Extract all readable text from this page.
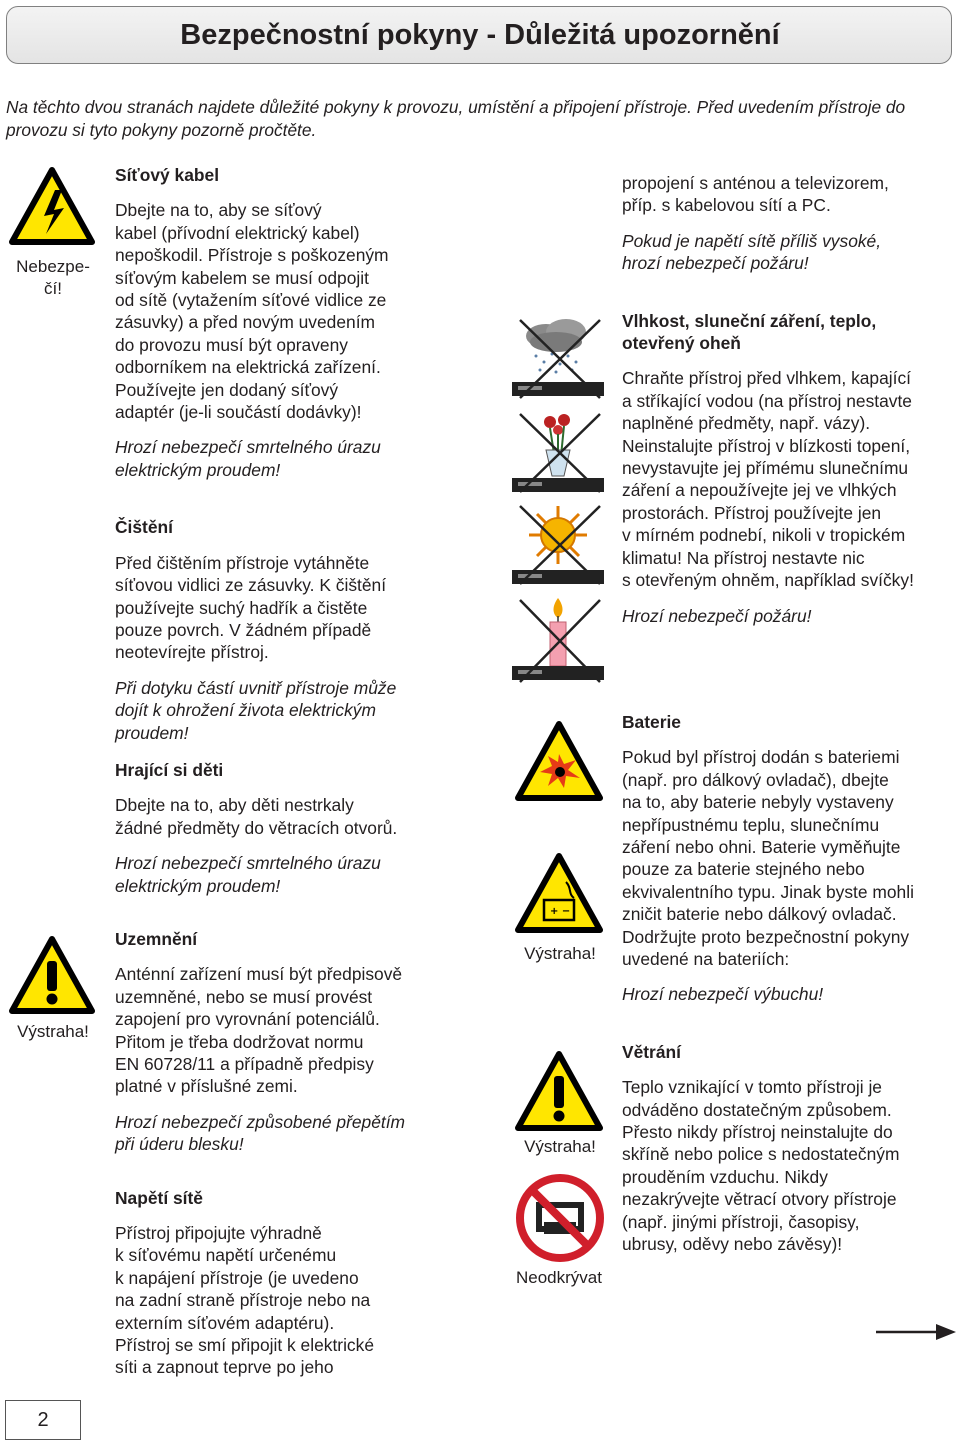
Bezpečnostní pokyny - Důležitá upozornění
Na těchto dvou stranách najdete důležité pokyny k provozu, umístění a připojení přístroje. Před uvedením přístroje do provozu si tyto pokyny pozorně pročtěte.
Nebezpe-
čí!
Výstraha!

Síťový kabel

Dbejte na to, aby se síťový

kabel (přívodní elektrický kabel)

nepoškodil. Přístroje s poškozeným

síťovým kabelem se musí odpojit

od sítě (vytažením síťové vidlice ze

zásuvky) a před novým uvedením

do provozu musí být opraveny

odborníkem na elektrická zařízení.

Používejte jen dodaný síťový

adaptér (je-li součástí dodávky)!

Hrozí nebezpečí smrtelného úrazu

elektrickým proudem!

Čištění

Před čištěním přístroje vytáhněte

síťovou vidlici ze zásuvky. K čištění

používejte suchý hadřík a čistěte

pouze povrch. V žádném případě

neotevírejte přístroj.

Při dotyku částí uvnitř přístroje může

dojít k ohrožení života elektrickým

proudem!

Hrající si děti

Dbejte na to, aby děti nestrkaly

žádné předměty do větracích otvorů.

Hrozí nebezpečí smrtelného úrazu

elektrickým proudem!

Uzemnění

Anténní zařízení musí být předpisově

uzemněné, nebo se musí provést

zapojení pro vyrovnání potenciálů.

Přitom je třeba dodržovat normu

EN 60728/11 a případně předpisy

platné v příslušné zemi.

Hrozí nebezpečí způsobené přepětím

při úderu blesku!

Napětí sítě

Přístroj připojujte výhradně

k síťovému napětí určenému

k napájení přístroje (je uvedeno

na zadní straně přístroje nebo na

externím síťovém adaptéru).

Přístroj se smí připojit k elektrické

síti a zapnout teprve po jeho

+ −
Výstraha!
Výstraha!
Neodkrývat

propojení s anténou a televizorem,

příp. s kabelovou sítí a PC.

Pokud je napětí sítě příliš vysoké,

hrozí nebezpečí požáru!

Vlhkost, sluneční záření, teplo,

otevřený oheň

Chraňte přístroj před vlhkem, kapající

a stříkající vodou (na přístroj nestavte

naplněné předměty, např. vázy).

Neinstalujte přístroj v blízkosti topení,

nevystavujte jej přímému slunečnímu

záření a nepoužívejte jej ve vlhkých

prostorách. Přístroj používejte jen

v mírném podnebí, nikoli v tropickém

klimatu! Na přístroj nestavte nic

s otevřeným ohněm, například svíčky!

Hrozí nebezpečí požáru!

Baterie

Pokud byl přístroj dodán s bateriemi

(např. pro dálkový ovladač), dbejte

na to, aby baterie nebyly vystaveny

nepřípustnému teplu, slunečnímu

záření nebo ohni. Baterie vyměňujte

pouze za baterie stejného nebo

ekvivalentního typu. Jinak byste mohli

zničit baterie nebo dálkový ovladač.

Dodržujte proto bezpečnostní pokyny

uvedené na bateriích:

Hrozí nebezpečí výbuchu!

Větrání

Teplo vznikající v tomto přístroji je

odváděno dostatečným způsobem.

Přesto nikdy přístroj neinstalujte do

skříně nebo police s nedostatečným

prouděním vzduchu. Nikdy

nezakrývejte větrací otvory přístroje

(např. jinými přístroji, časopisy,

ubrusy, oděvy nebo závěsy)!

2
